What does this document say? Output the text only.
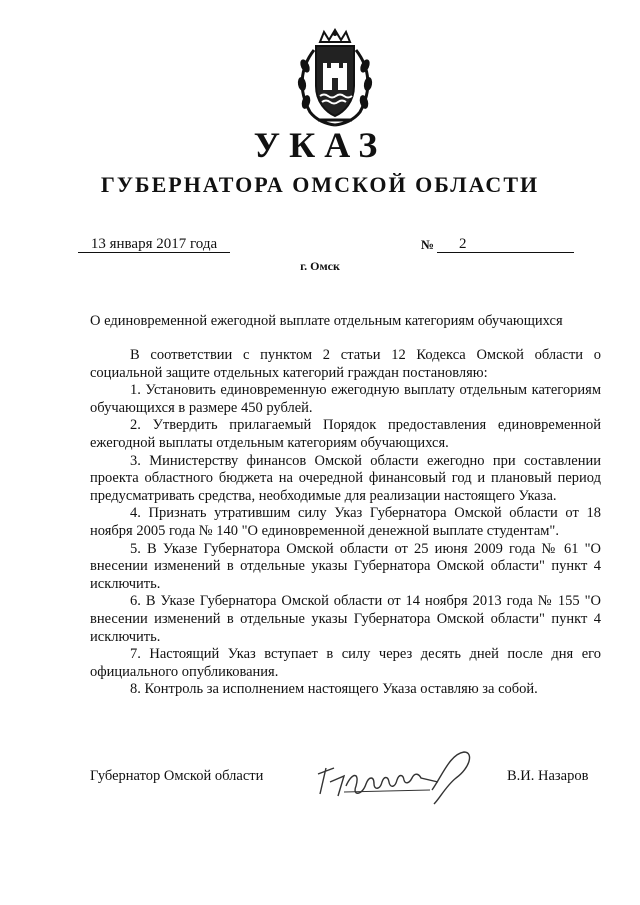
УКАЗ
ГУБЕРНАТОРА ОМСКОЙ ОБЛАСТИ
13 января 2017 года	№	2
г. Омск
О единовременной ежегодной выплате отдельным категориям обучающихся

В соответствии с пунктом 2 статьи 12 Кодекса Омской области о социальной защите отдельных категорий граждан постановляю:

1. Установить единовременную ежегодную выплату отдельным категориям обучающихся в размере 450 рублей.

2. Утвердить прилагаемый Порядок предоставления единовременной ежегодной выплаты отдельным категориям обучающихся.

3. Министерству финансов Омской области ежегодно при составлении проекта областного бюджета на очередной финансовый год и плановый период предусматривать средства, необходимые для реализации настоящего Указа.

4. Признать утратившим силу Указ Губернатора Омской области от 18 ноября 2005 года № 140 "О единовременной денежной выплате студентам".

5. В Указе Губернатора Омской области от 25 июня 2009 года № 61 "О внесении изменений в отдельные указы Губернатора Омской области" пункт 4 исключить.

6. В Указе Губернатора Омской области от 14 ноября 2013 года № 155 "О внесении изменений в отдельные указы Губернатора Омской области" пункт 4 исключить.

7. Настоящий Указ вступает в силу через десять дней после дня его официального опубликования.

8. Контроль за исполнением настоящего Указа оставляю за собой.

Губернатор Омской области	В.И. Назаров
